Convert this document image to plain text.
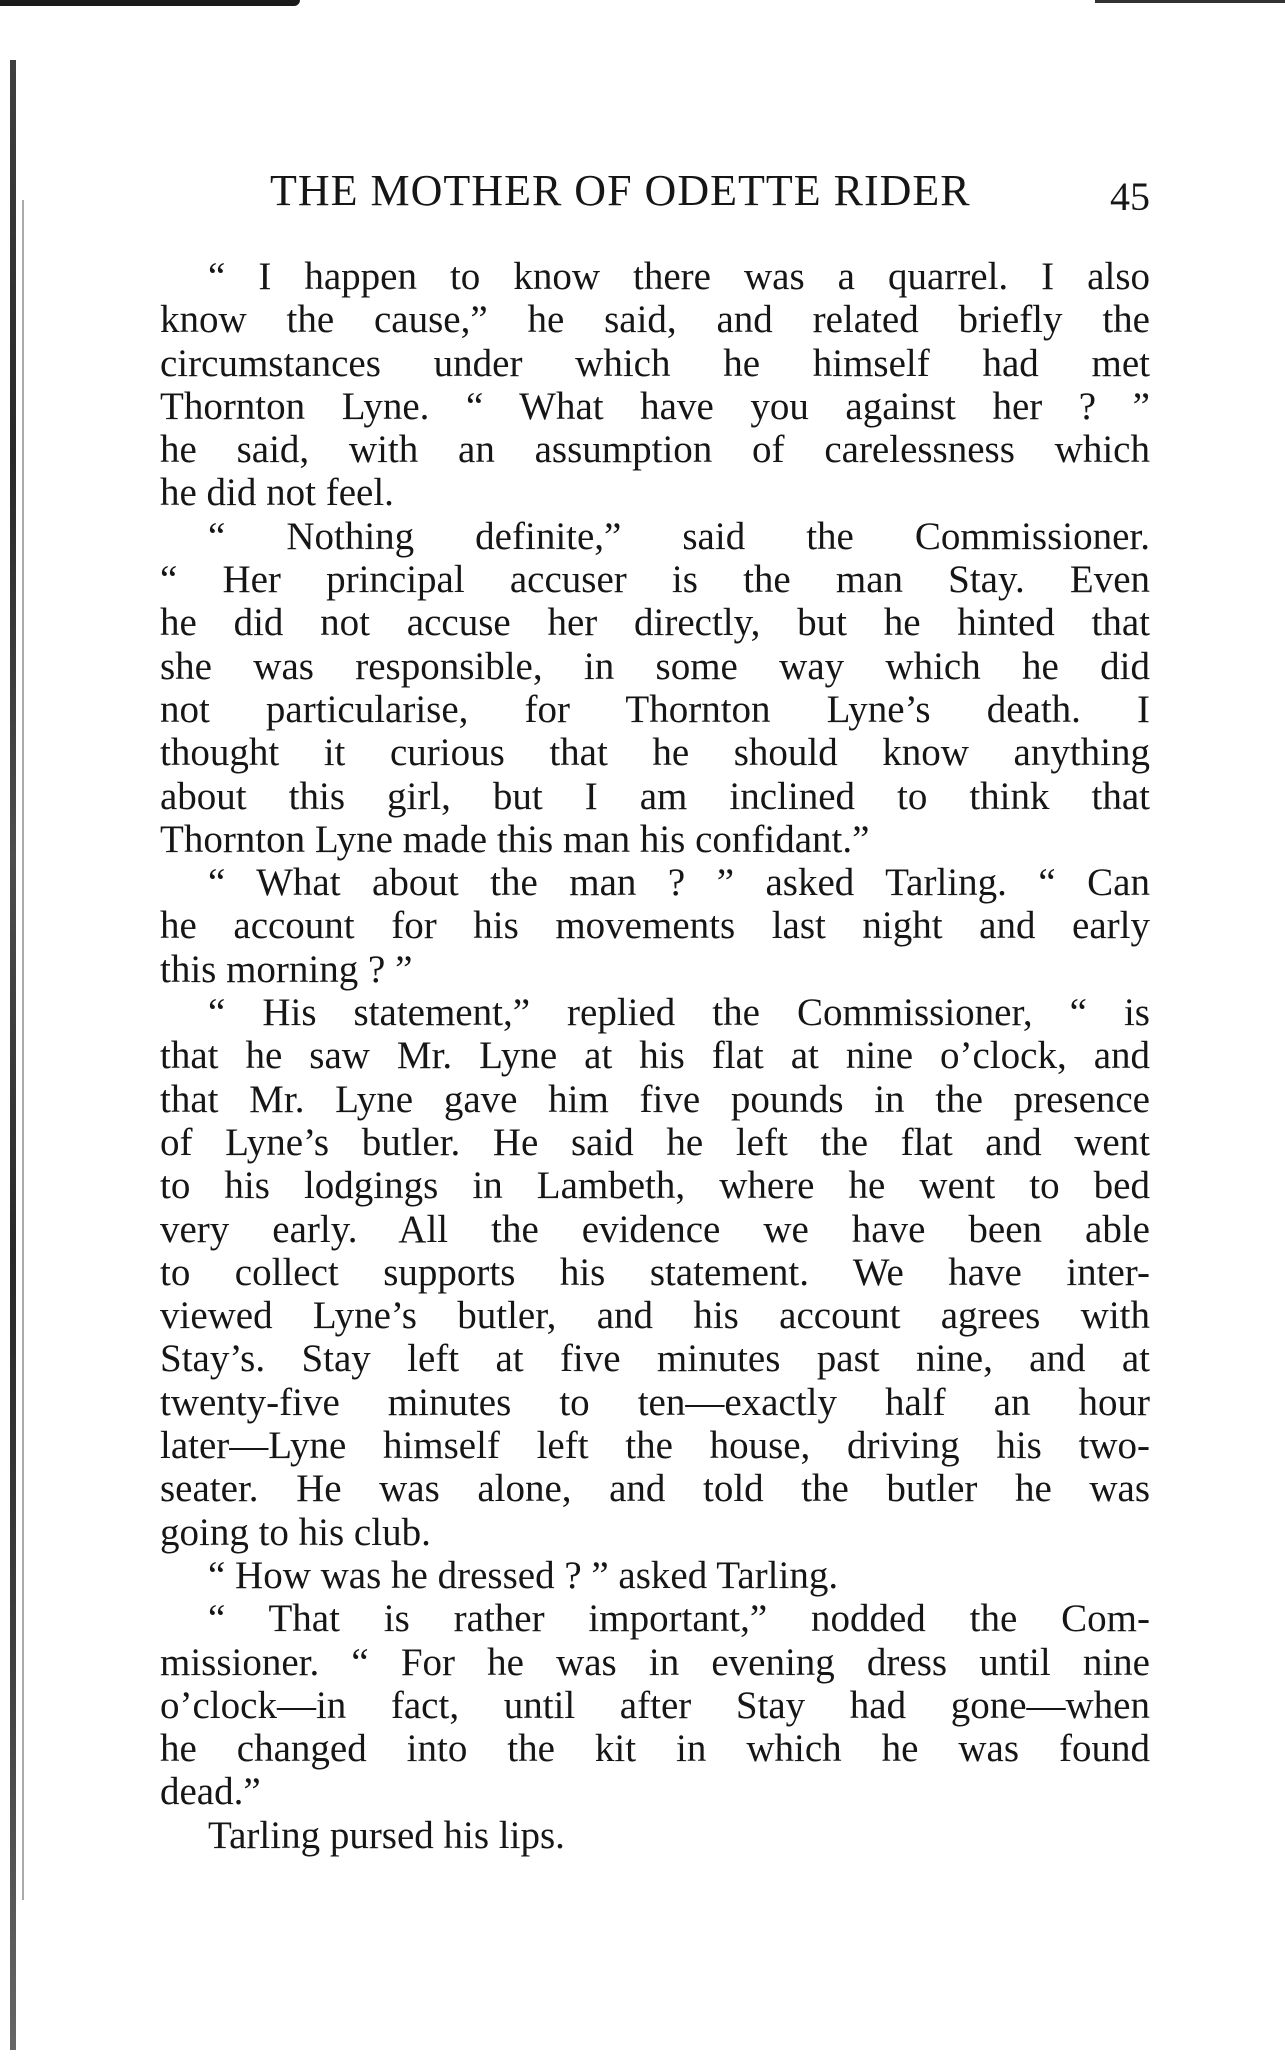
THE MOTHER OF ODETTE RIDER	45
“ I happen to know there was a quarrel. I also
know the cause,” he said, and related briefly the
circumstances under which he himself had met
Thornton Lyne. “ What have you against her ? ”
he said, with an assumption of carelessness which
he did not feel.
“ Nothing definite,” said the Commissioner.
“ Her principal accuser is the man Stay. Even
he did not accuse her directly, but he hinted that
she was responsible, in some way which he did
not particularise, for Thornton Lyne’s death. I
thought it curious that he should know anything
about this girl, but I am inclined to think that
Thornton Lyne made this man his confidant.”
“ What about the man ? ” asked Tarling. “ Can
he account for his movements last night and early
this morning ? ”
“ His statement,” replied the Commissioner, “ is
that he saw Mr. Lyne at his flat at nine o’clock, and
that Mr. Lyne gave him five pounds in the presence
of Lyne’s butler. He said he left the flat and went
to his lodgings in Lambeth, where he went to bed
very early. All the evidence we have been able
to collect supports his statement. We have inter-
viewed Lyne’s butler, and his account agrees with
Stay’s. Stay left at five minutes past nine, and at
twenty-five minutes to ten—exactly half an hour
later—Lyne himself left the house, driving his two-
seater. He was alone, and told the butler he was
going to his club.
“ How was he dressed ? ” asked Tarling.
“ That is rather important,” nodded the Com-
missioner. “ For he was in evening dress until nine
o’clock—in fact, until after Stay had gone—when
he changed into the kit in which he was found
dead.”
Tarling pursed his lips.
